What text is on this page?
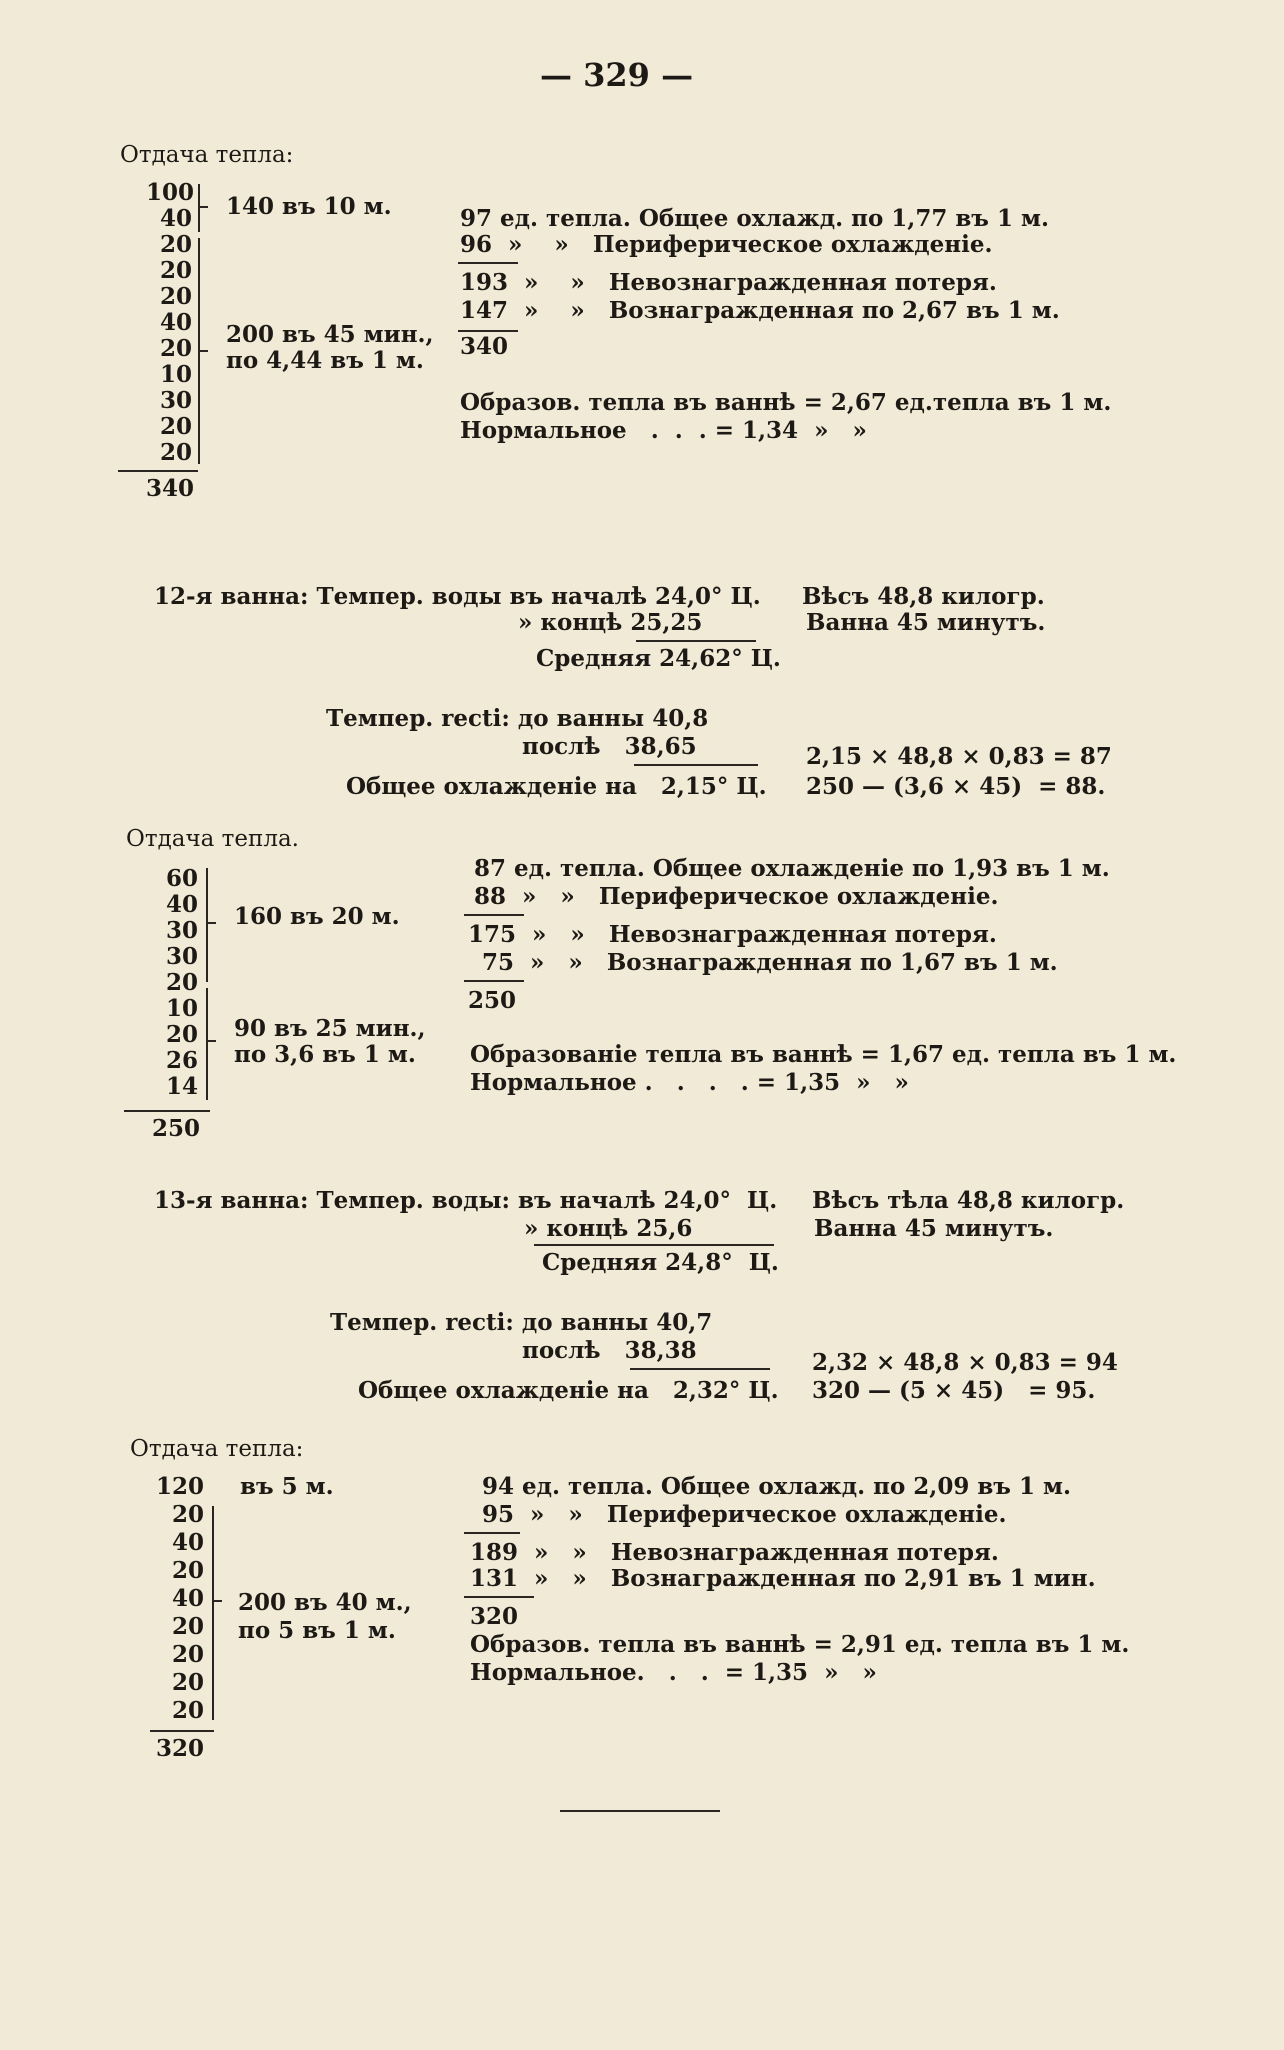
— 329 —
Отдача тепла:
100
40
20
20
20
40
20
10
30
20
20
340
140 въ 10 м.
200 въ 45 мин.,
по 4,44 въ 1 м.
97 ед. тепла. Общее охлажд. по 1,77 въ 1 м.
96  »    »   Периферическое охлажденіе.
193  »    »   Невознагражденная потеря.
147  »    »   Вознагражденная по 2,67 въ 1 м.
340
Образов. тепла въ ваннѣ = 2,67 ед.тепла въ 1 м.
Нормальное   .  .  . = 1,34  »   »
12-я ванна: Темпер. воды въ началѣ 24,0° Ц. Вѣсъ 48,8 килогр.
» концѣ 25,25	Ванна 45 минутъ.
Средняя 24,62° Ц.
Темпер. recti: до ванны 40,8
послѣ   38,65
Общее охлажденіе на   2,15° Ц.
2,15 × 48,8 × 0,83 = 87
250 — (3,6 × 45)  = 88.
Отдача тепла.
60
40
30
30
20
10
20
26
14
250
160 въ 20 м.
90 въ 25 мин.,
по 3,6 въ 1 м.
87 ед. тепла. Общее охлажденіе по 1,93 въ 1 м.
88  »   »   Периферическое охлажденіе.
175  »   »   Невознагражденная потеря.
75  »   »   Вознагражденная по 1,67 въ 1 м.
250
Образованіе тепла въ ваннѣ = 1,67 ед. тепла въ 1 м.
Нормальное .   .   .   . = 1,35  »   »
13-я ванна: Темпер. воды: въ началѣ 24,0°  Ц. Вѣсъ тѣла 48,8 килогр.
» концѣ 25,6	Ванна 45 минутъ.
Средняя 24,8°  Ц.
Темпер. recti: до ванны 40,7
послѣ   38,38
Общее охлажденіе на   2,32° Ц.
2,32 × 48,8 × 0,83 = 94
320 — (5 × 45)   = 95.
Отдача тепла:
120 въ 5 м.
20
40
20
40
20
20
20
20
320
200 въ 40 м.,
по 5 въ 1 м.
94 ед. тепла. Общее охлажд. по 2,09 въ 1 м.
95  »   »   Периферическое охлажденіе.
189  »   »   Невознагражденная потеря.
131  »   »   Вознагражденная по 2,91 въ 1 мин.
320
Образов. тепла въ ваннѣ = 2,91 ед. тепла въ 1 м.
Нормальное.   .   .  = 1,35  »   »
